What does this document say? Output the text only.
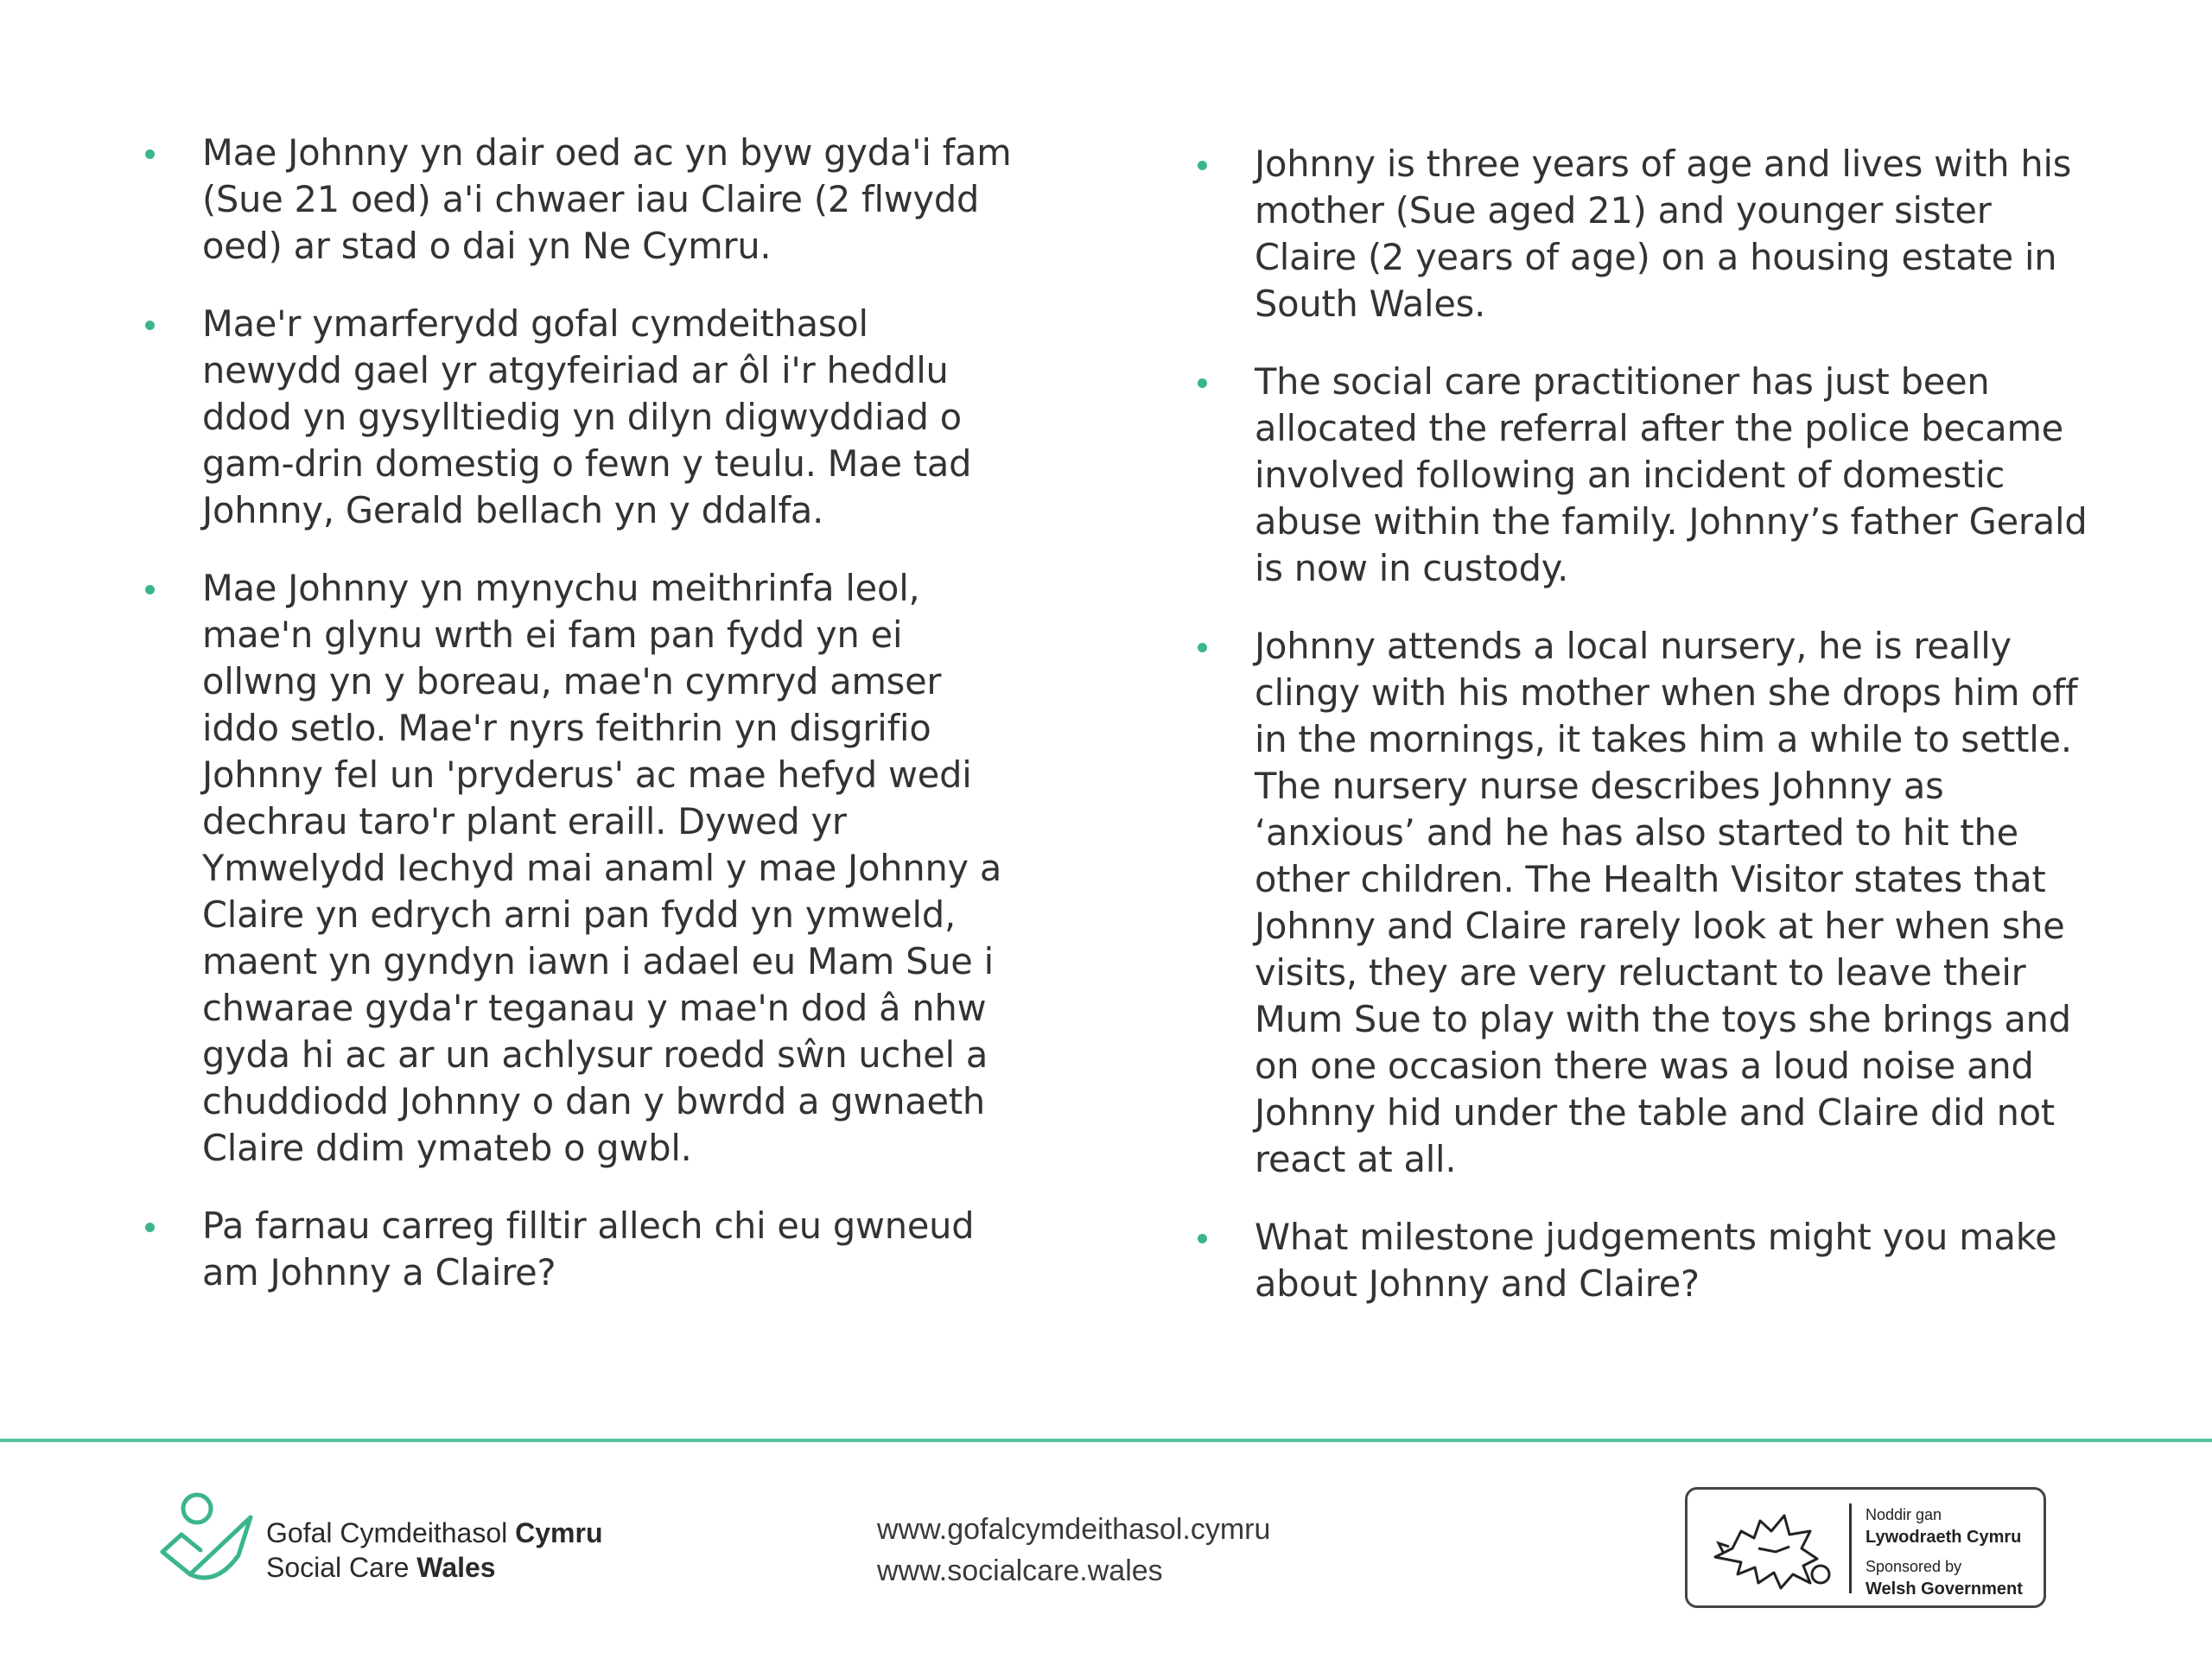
Mae Johnny yn dair oed ac yn byw gyda'i fam (Sue 21 oed) a'i chwaer iau Claire (2 flwydd oed) ar stad o dai yn Ne Cymru.
Mae'r ymarferydd gofal cymdeithasol newydd gael yr atgyfeiriad ar ôl i'r heddlu ddod yn gysylltiedig yn dilyn digwyddiad o gam-drin domestig o fewn y teulu. Mae tad Johnny, Gerald bellach yn y ddalfa.
Mae Johnny yn mynychu meithrinfa leol, mae'n glynu wrth ei fam pan fydd yn ei ollwng yn y boreau, mae'n cymryd amser iddo setlo. Mae'r nyrs feithrin yn disgrifio Johnny fel un 'pryderus' ac mae hefyd wedi dechrau taro'r plant eraill. Dywed yr Ymwelydd Iechyd mai anaml y mae Johnny a Claire yn edrych arni pan fydd yn ymweld, maent yn gyndyn iawn i adael eu Mam Sue i chwarae gyda'r teganau y mae'n dod â nhw gyda hi ac ar un achlysur roedd sŵn uchel a chuddiodd Johnny o dan y bwrdd a gwnaeth Claire ddim ymateb o gwbl.
Pa farnau carreg filltir allech chi eu gwneud am Johnny a Claire?
Johnny is three years of age and lives with his mother (Sue aged 21) and younger sister Claire (2 years of age) on a housing estate in South Wales.
The social care practitioner has just been allocated the referral after the police became involved following an incident of domestic abuse within the family. Johnny’s father Gerald is now in custody.
Johnny attends a local nursery, he is really clingy with his mother when she drops him off in the mornings, it takes him a while to settle. The nursery nurse describes Johnny as ‘anxious’ and he has also started to hit the other children. The Health Visitor states that Johnny and Claire rarely look at her when she visits, they are very reluctant to leave their Mum Sue to play with the toys she brings and on one occasion there was a loud noise and Johnny hid under the table and Claire did not react at all.
What milestone judgements might you make about Johnny and Claire?
Gofal Cymdeithasol Cymru
Social Care Wales
www.gofalcymdeithasol.cymru
www.socialcare.wales
Noddir gan
Lywodraeth Cymru
Sponsored by
Welsh Government
